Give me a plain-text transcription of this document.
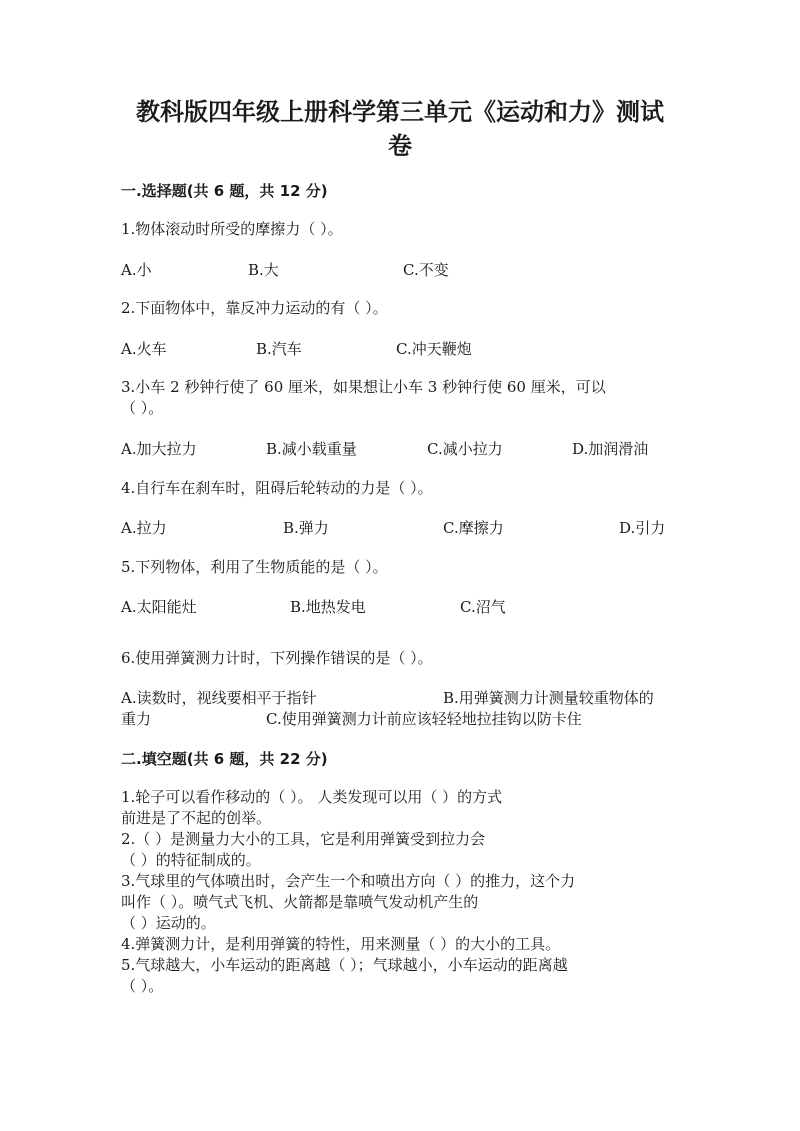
教科版四年级上册科学第三单元《运动和力》测试
卷
一.选择题(共 6 题，共 12 分)
1.物体滚动时所受的摩擦力（ ）。
A.小	B.大	C.不变
2.下面物体中，靠反冲力运动的有（ ）。
A.火车	B.汽车	C.冲天鞭炮
3.小车 2 秒钟行使了 60 厘米，如果想让小车 3 秒钟行使 60 厘米，可以
（ ）。
A.加大拉力	B.减小载重量	C.减小拉力	D.加润滑油
4.自行车在刹车时，阻碍后轮转动的力是（ ）。
A.拉力	B.弹力	C.摩擦力	D.引力
5.下列物体，利用了生物质能的是（ ）。
A.太阳能灶	B.地热发电	C.沼气
6.使用弹簧测力计时，下列操作错误的是（ ）。
A.读数时，视线要相平于指针	B.用弹簧测力计测量较重物体的
重力	C.使用弹簧测力计前应该轻轻地拉挂钩以防卡住
二.填空题(共 6 题，共 22 分)
1.轮子可以看作移动的（ ）。 人类发现可以用（ ）的方式
前进是了不起的创举。
2.（ ）是测量力大小的工具，它是利用弹簧受到拉力会
（ ）的特征制成的。
3.气球里的气体喷出时，会产生一个和喷出方向（ ）的推力，这个力
叫作（ ）。喷气式飞机、火箭都是靠喷气发动机产生的
（ ）运动的。
4.弹簧测力计，是利用弹簧的特性，用来测量（ ）的大小的工具。
5.气球越大，小车运动的距离越（ ）；气球越小，小车运动的距离越
（ ）。
